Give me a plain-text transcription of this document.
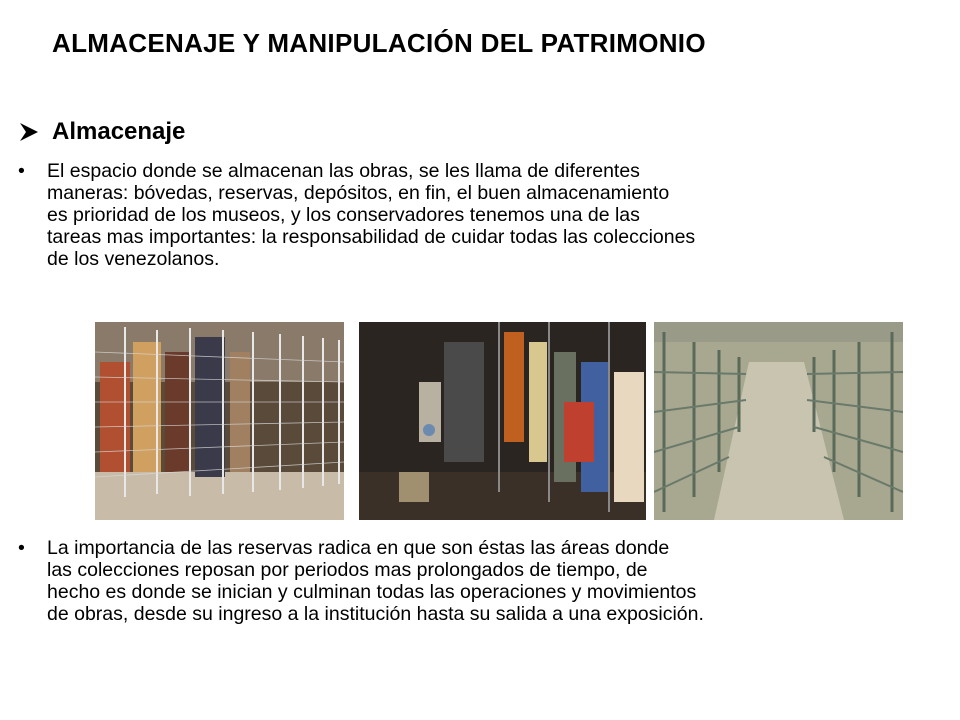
ALMACENAJE Y MANIPULACIÓN DEL PATRIMONIO
Almacenaje
•	El espacio donde se almacenan las obras, se les llama de diferentes
maneras: bóvedas, reservas, depósitos, en fin, el buen almacenamiento
es prioridad de los museos, y los conservadores tenemos una de las
tareas mas importantes: la responsabilidad de cuidar todas las colecciones
de los venezolanos.
•	La importancia de las reservas radica en que son éstas las áreas donde
las colecciones reposan por periodos mas prolongados de tiempo, de
hecho es donde se inician y culminan todas las operaciones y movimientos
de obras, desde su ingreso a la institución hasta su salida a una exposición.
